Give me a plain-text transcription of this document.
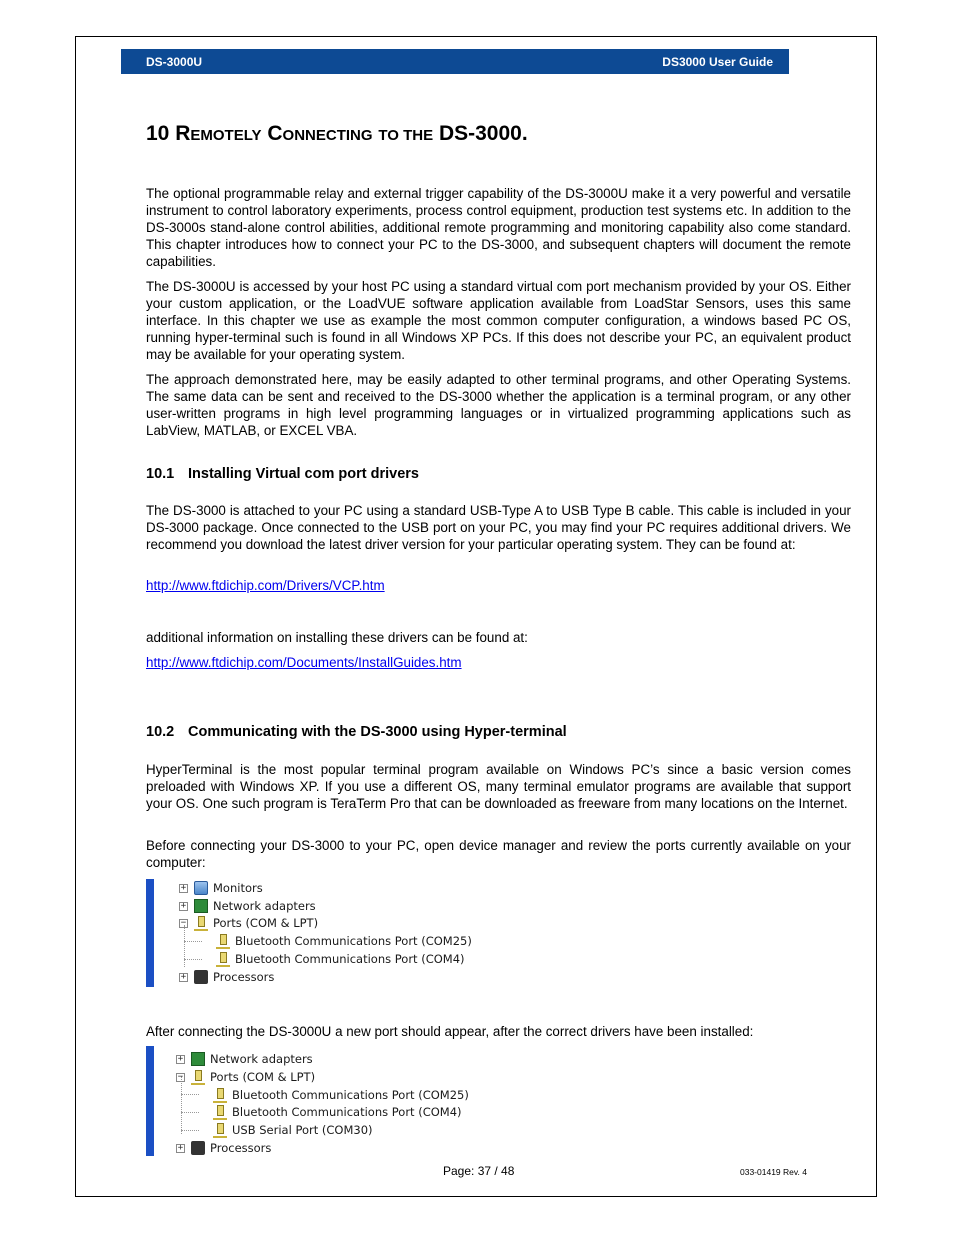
DS-3000U	DS3000 User Guide
10 REMOTELY CONNECTING TO THE DS-3000.

The optional programmable relay and external trigger capability of the DS-3000U make it a very powerful and versatile instrument to control laboratory experiments, process control equipment, production test systems etc. In addition to the DS-3000s stand-alone control abilities, additional remote programming and monitoring capability also come standard. This chapter introduces how to connect your PC to the DS-3000, and subsequent chapters will document the remote capabilities.

The DS-3000U is accessed by your host PC using a standard virtual com port mechanism provided by your OS. Either your custom application, or the LoadVUE software application available from LoadStar Sensors, uses this same interface. In this chapter we use as example the most common computer configuration, a windows based PC OS, running hyper-terminal such is found in all Windows XP PCs. If this does not describe your PC, an equivalent product may be available for your operating system.

The approach demonstrated here, may be easily adapted to other terminal programs, and other Operating Systems. The same data can be sent and received to the DS-3000 whether the application is a terminal program, or any other user-written programs in high level programming languages or in virtualized programming applications such as LabView, MATLAB, or EXCEL VBA.

10.1 Installing Virtual com port drivers

The DS-3000 is attached to your PC using a standard USB-Type A to USB Type B cable. This cable is included in your DS-3000 package. Once connected to the USB port on your PC, you may find your PC requires additional drivers. We recommend you download the latest driver version for your particular operating system. They can be found at:

http://www.ftdichip.com/Drivers/VCP.htm

additional information on installing these drivers can be found at:

http://www.ftdichip.com/Documents/InstallGuides.htm
10.2 Communicating with the DS-3000 using Hyper-terminal

HyperTerminal is the most popular terminal program available on Windows PC’s since a basic version comes preloaded with Windows XP. If you use a different OS, many terminal emulator programs are available that support your OS. One such program is TeraTerm Pro that can be downloaded as freeware from many locations on the Internet.

Before connecting your DS-3000 to your PC, open device manager and review the ports currently available on your computer:

+ Monitors
+ Network adapters
− Ports (COM & LPT)
Bluetooth Communications Port (COM25)
Bluetooth Communications Port (COM4)
+ Processors

After connecting the DS-3000U a new port should appear, after the correct drivers have been installed:

+ Network adapters
− Ports (COM & LPT)
Bluetooth Communications Port (COM25)
Bluetooth Communications Port (COM4)
USB Serial Port (COM30)
+ Processors
Page: 37 / 48	033-01419 Rev. 4
